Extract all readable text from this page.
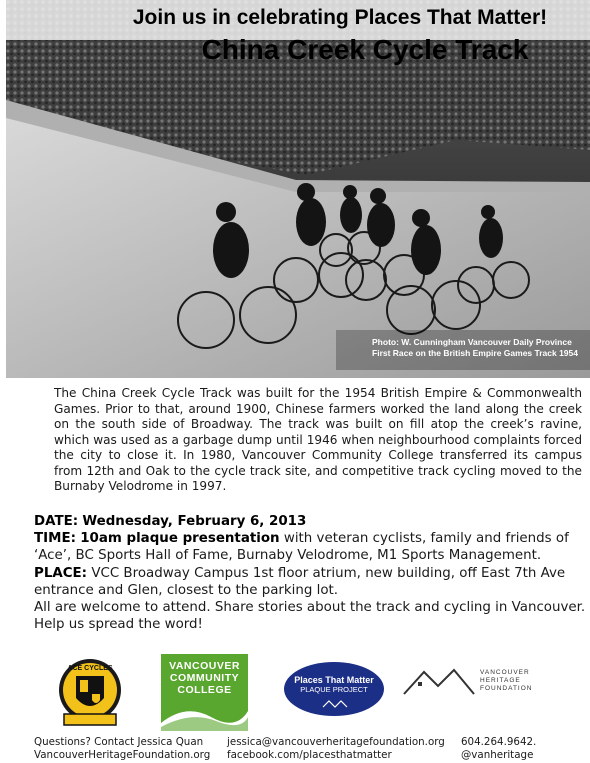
Join us in celebrating Places That Matter!
China Creek Cycle Track
Photo: W. Cunningham Vancouver Daily Province
First Race on the British Empire Games Track 1954
The China Creek Cycle Track was built for the 1954 British Empire & Commonwealth Games. Prior to that, around 1900, Chinese farmers worked the land along the creek on the south side of Broadway. The track was built on fill atop the creek’s ravine, which was used as a garbage dump until 1946 when neighbourhood complaints forced the city to close it. In 1980, Vancouver Community College transferred its campus from 12th and Oak to the cycle track site, and competitive track cycling moved to the Burnaby Velodrome in 1997.
DATE: Wednesday, February 6, 2013
TIME: 10am plaque presentation with veteran cyclists, family and friends of ‘Ace’, BC Sports Hall of Fame, Burnaby Velodrome, M1 Sports Management.
PLACE: VCC Broadway Campus 1st floor atrium, new building, off East 7th Ave entrance and Glen, closest to the parking lot.
All are welcome to attend. Share stories about the track and cycling in Vancouver.
Help us spread the word!
ACE CYCLES	VANCOUVER
COMMUNITY
COLLEGE
Places That Matter
PLAQUE PROJECT
VANCOUVER
HERITAGE
FOUNDATION
Questions? Contact Jessica Quan
VancouverHeritageFoundation.org
jessica@vancouverheritagefoundation.org
facebook.com/placesthatmatter
604.264.9642.
@vanheritage
